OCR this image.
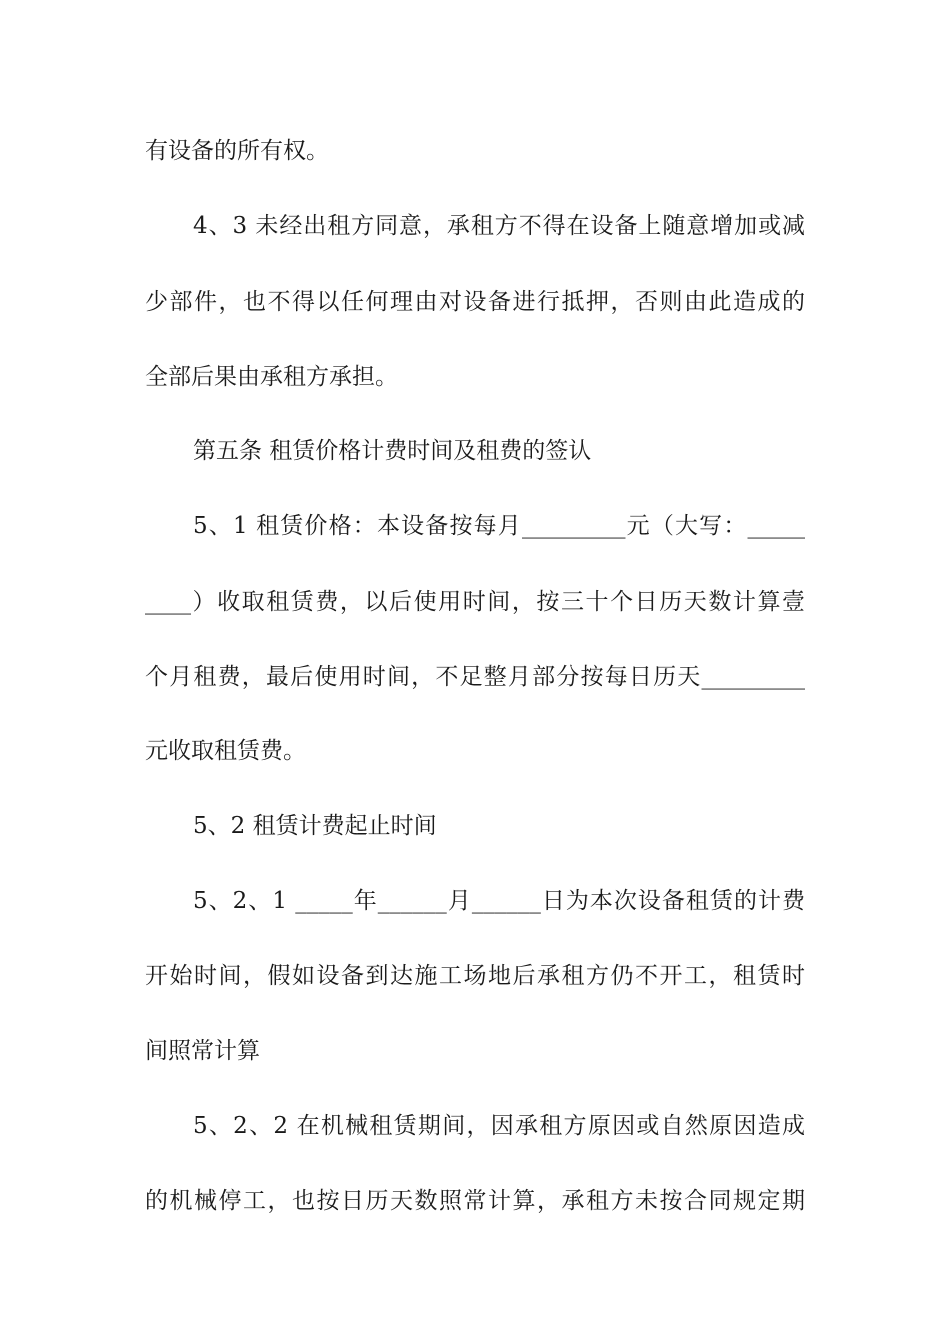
有设备的所有权。
4、3 未经出租方同意，承租方不得在设备上随意增加或减
少部件，也不得以任何理由对设备进行抵押，否则由此造成的
全部后果由承租方承担。
第五条 租赁价格计费时间及租费的签认
5、1 租赁价格：本设备按每月_________元（大写：_____
____）收取租赁费，以后使用时间，按三十个日历天数计算壹
个月租费，最后使用时间，不足整月部分按每日历天_________
元收取租赁费。
5、2 租赁计费起止时间
5、2、1 _____年______月______日为本次设备租赁的计费
开始时间，假如设备到达施工场地后承租方仍不开工，租赁时
间照常计算
5、2、2 在机械租赁期间，因承租方原因或自然原因造成
的机械停工，也按日历天数照常计算，承租方未按合同规定期
